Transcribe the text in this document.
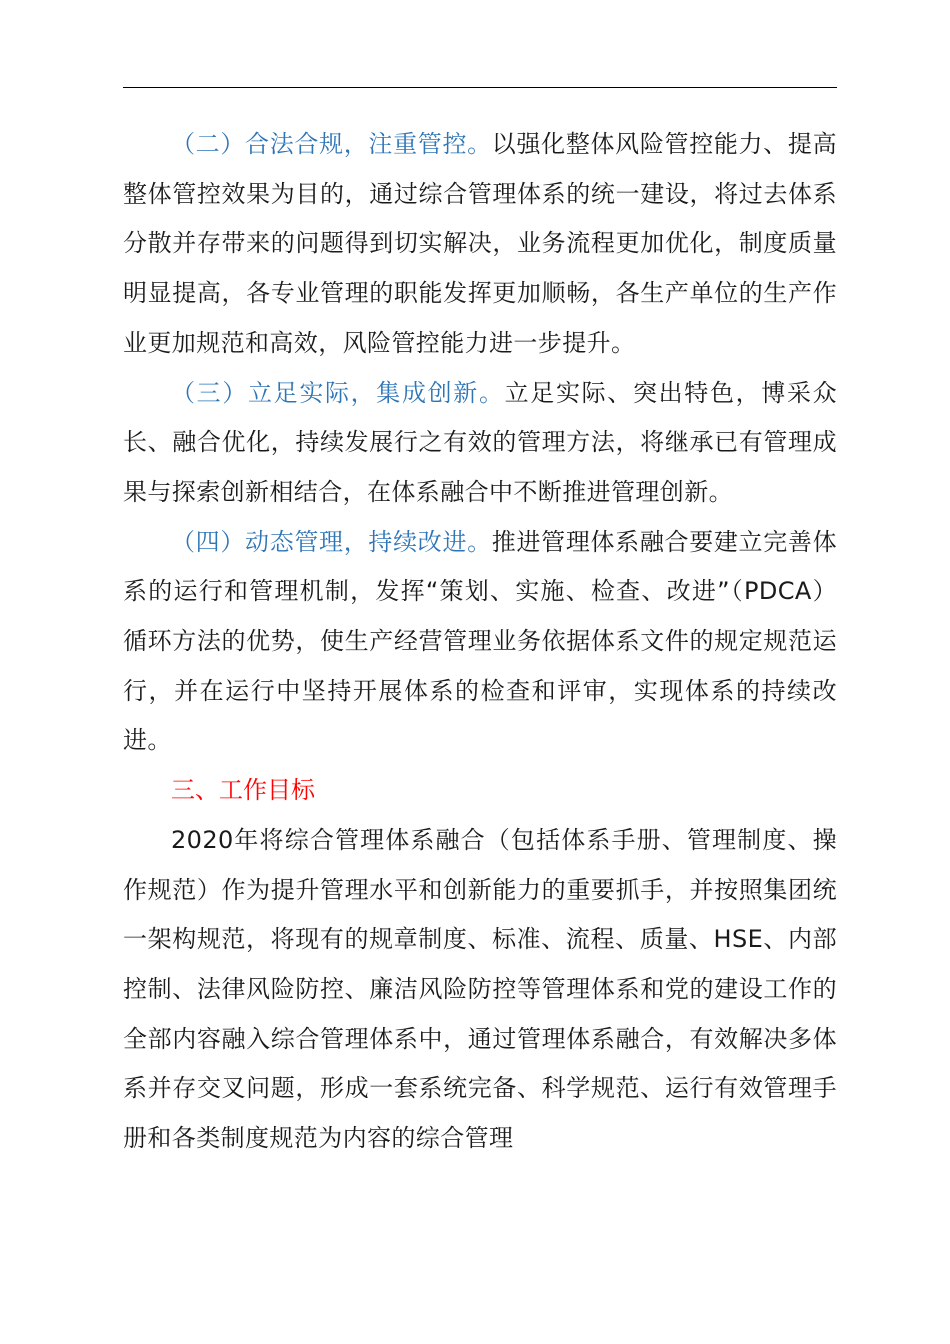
（二）合法合规，注重管控。以强化整体风险管控能力、提高整体管控效果为目的，通过综合管理体系的统一建设，将过去体系分散并存带来的问题得到切实解决，业务流程更加优化，制度质量明显提高，各专业管理的职能发挥更加顺畅，各生产单位的生产作业更加规范和高效，风险管控能力进一步提升。

（三）立足实际，集成创新。立足实际、突出特色，博采众长、融合优化，持续发展行之有效的管理方法，将继承已有管理成果与探索创新相结合，在体系融合中不断推进管理创新。

（四）动态管理，持续改进。推进管理体系融合要建立完善体系的运行和管理机制，发挥“策划、实施、检查、改进”（PDCA）循环方法的优势，使生产经营管理业务依据体系文件的规定规范运行，并在运行中坚持开展体系的检查和评审，实现体系的持续改进。

三、工作目标

2020年将综合管理体系融合（包括体系手册、管理制度、操作规范）作为提升管理水平和创新能力的重要抓手，并按照集团统一架构规范，将现有的规章制度、标准、流程、质量、HSE、内部控制、法律风险防控、廉洁风险防控等管理体系和党的建设工作的全部内容融入综合管理体系中，通过管理体系融合，有效解决多体系并存交叉问题，形成一套系统完备、科学规范、运行有效管理手册和各类制度规范为内容的综合管理
